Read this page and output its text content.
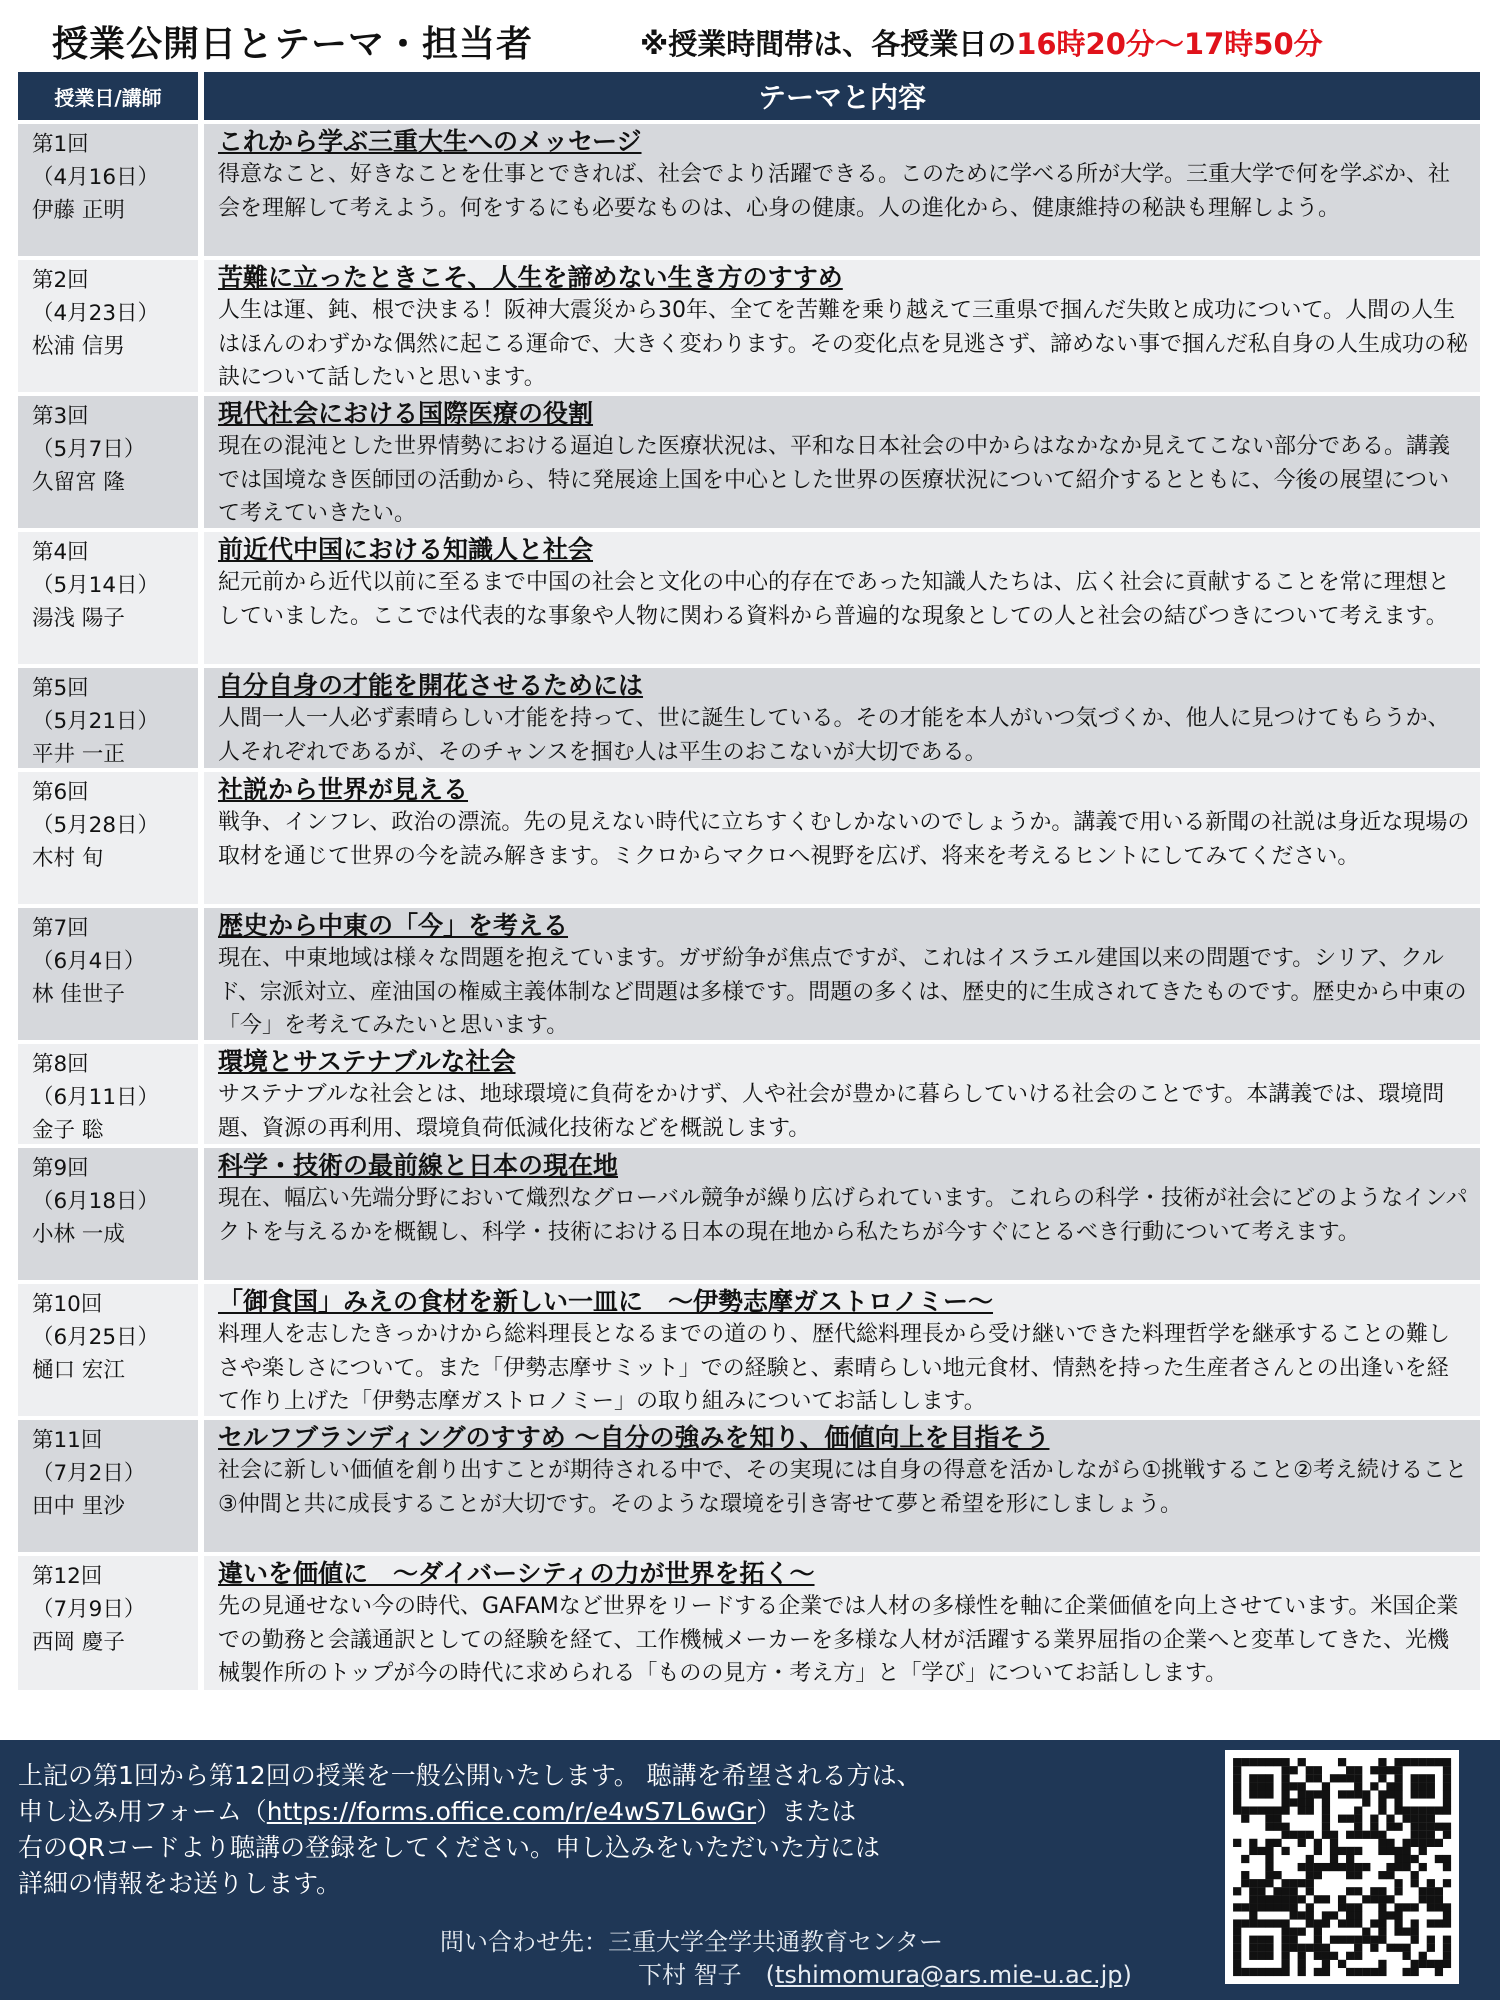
授業公開日とテーマ・担当者	※授業時間帯は、各授業日の16時20分～17時50分
授業日/講師	テーマと内容
第1回
（4月16日）
伊藤 正明
これから学ぶ三重大生へのメッセージ
得意なこと、好きなことを仕事とできれば、社会でより活躍できる。このために学べる所が大学。三重大学で何を学ぶか、社会を理解して考えよう。何をするにも必要なものは、心身の健康。人の進化から、健康維持の秘訣も理解しよう。
第2回
（4月23日）
松浦 信男
苦難に立ったときこそ、人生を諦めない生き方のすすめ
人生は運、鈍、根で決まる！阪神大震災から30年、全てを苦難を乗り越えて三重県で掴んだ失敗と成功について。人間の人生はほんのわずかな偶然に起こる運命で、大きく変わります。その変化点を見逃さず、諦めない事で掴んだ私自身の人生成功の秘訣について話したいと思います。
第3回
（5月7日）
久留宮 隆
現代社会における国際医療の役割
現在の混沌とした世界情勢における逼迫した医療状況は、平和な日本社会の中からはなかなか見えてこない部分である。講義では国境なき医師団の活動から、特に発展途上国を中心とした世界の医療状況について紹介するとともに、今後の展望について考えていきたい。
第4回
（5月14日）
湯浅 陽子
前近代中国における知識人と社会
紀元前から近代以前に至るまで中国の社会と文化の中心的存在であった知識人たちは、広く社会に貢献することを常に理想としていました。ここでは代表的な事象や人物に関わる資料から普遍的な現象としての人と社会の結びつきについて考えます。
第5回
（5月21日）
平井 一正
自分自身の才能を開花させるためには
人間一人一人必ず素晴らしい才能を持って、世に誕生している。その才能を本人がいつ気づくか、他人に見つけてもらうか、人それぞれであるが、そのチャンスを掴む人は平生のおこないが大切である。
第6回
（5月28日）
木村 旬
社説から世界が見える
戦争、インフレ、政治の漂流。先の見えない時代に立ちすくむしかないのでしょうか。講義で用いる新聞の社説は身近な現場の取材を通じて世界の今を読み解きます。ミクロからマクロへ視野を広げ、将来を考えるヒントにしてみてください。
第7回
（6月4日）
林 佳世子
歴史から中東の「今」を考える
現在、中東地域は様々な問題を抱えています。ガザ紛争が焦点ですが、これはイスラエル建国以来の問題です。シリア、クルド、宗派対立、産油国の権威主義体制など問題は多様です。問題の多くは、歴史的に生成されてきたものです。歴史から中東の「今」を考えてみたいと思います。
第8回
（6月11日）
金子 聡
環境とサステナブルな社会
サステナブルな社会とは、地球環境に負荷をかけず、人や社会が豊かに暮らしていける社会のことです。本講義では、環境問題、資源の再利用、環境負荷低減化技術などを概説します。
第9回
（6月18日）
小林 一成
科学・技術の最前線と日本の現在地
現在、幅広い先端分野において熾烈なグローバル競争が繰り広げられています。これらの科学・技術が社会にどのようなインパクトを与えるかを概観し、科学・技術における日本の現在地から私たちが今すぐにとるべき行動について考えます。
第10回
（6月25日）
樋口 宏江
「御食国」みえの食材を新しい一皿に　～伊勢志摩ガストロノミー～
料理人を志したきっかけから総料理長となるまでの道のり、歴代総料理長から受け継いできた料理哲学を継承することの難しさや楽しさについて。また「伊勢志摩サミット」での経験と、素晴らしい地元食材、情熱を持った生産者さんとの出逢いを経て作り上げた「伊勢志摩ガストロノミー」の取り組みについてお話しします。
第11回
（7月2日）
田中 里沙
セルフブランディングのすすめ ～自分の強みを知り、価値向上を目指そう
社会に新しい価値を創り出すことが期待される中で、その実現には自身の得意を活かしながら①挑戦すること②考え続けること③仲間と共に成長することが大切です。そのような環境を引き寄せて夢と希望を形にしましょう。
第12回
（7月9日）
西岡 慶子
違いを価値に　～ダイバーシティの力が世界を拓く～
先の見通せない今の時代、GAFAMなど世界をリードする企業では人材の多様性を軸に企業価値を向上させています。米国企業での勤務と会議通訳としての経験を経て、工作機械メーカーを多様な人材が活躍する業界屈指の企業へと変革してきた、光機械製作所のトップが今の時代に求められる「ものの見方・考え方」と「学び」についてお話しします。
上記の第1回から第12回の授業を一般公開いたします。 聴講を希望される方は、
申し込み用フォーム（https://forms.office.com/r/e4wS7L6wGr）または
右のQRコードより聴講の登録をしてください。申し込みをいただいた方には
詳細の情報をお送りします。
問い合わせ先：三重大学全学共通教育センター
下村 智子　(tshimomura@ars.mie-u.ac.jp)
